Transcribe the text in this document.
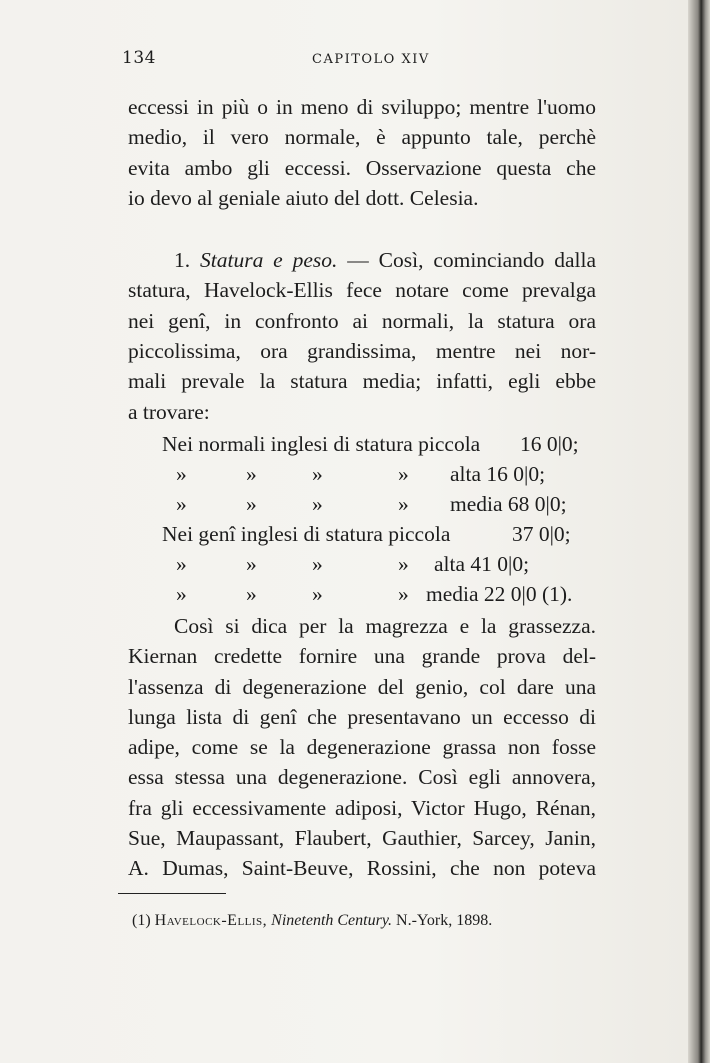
134	CAPITOLO XIV

eccessi in più o in meno di sviluppo; mentre l'uomo

medio, il vero normale, è appunto tale, perchè

evita ambo gli eccessi. Osservazione questa che

io devo al geniale aiuto del dott. Celesia.

1. Statura e peso. — Così, cominciando dalla

statura, Havelock-Ellis fece notare come prevalga

nei genî, in confronto ai normali, la statura ora

piccolissima, ora grandissima, mentre nei nor-

mali prevale la statura media; infatti, egli ebbe

a trovare:

Nei normali inglesi di statura piccola 16 0|0;
»	»	»	» alta 16 0|0;
»	»	»	» media 68 0|0;
Nei genî inglesi di statura piccola	37 0|0;
»	»	»	» alta 41 0|0;
»	»	»	» media 22 0|0 (1).

Così si dica per la magrezza e la grassezza.

Kiernan credette fornire una grande prova del-

l'assenza di degenerazione del genio, col dare una

lunga lista di genî che presentavano un eccesso di

adipe, come se la degenerazione grassa non fosse

essa stessa una degenerazione. Così egli annovera,

fra gli eccessivamente adiposi, Victor Hugo, Rénan,

Sue, Maupassant, Flaubert, Gauthier, Sarcey, Janin,

A. Dumas, Saint-Beuve, Rossini, che non poteva

(1) Havelock-Ellis, Ninetenth Century. N.-York, 1898.
